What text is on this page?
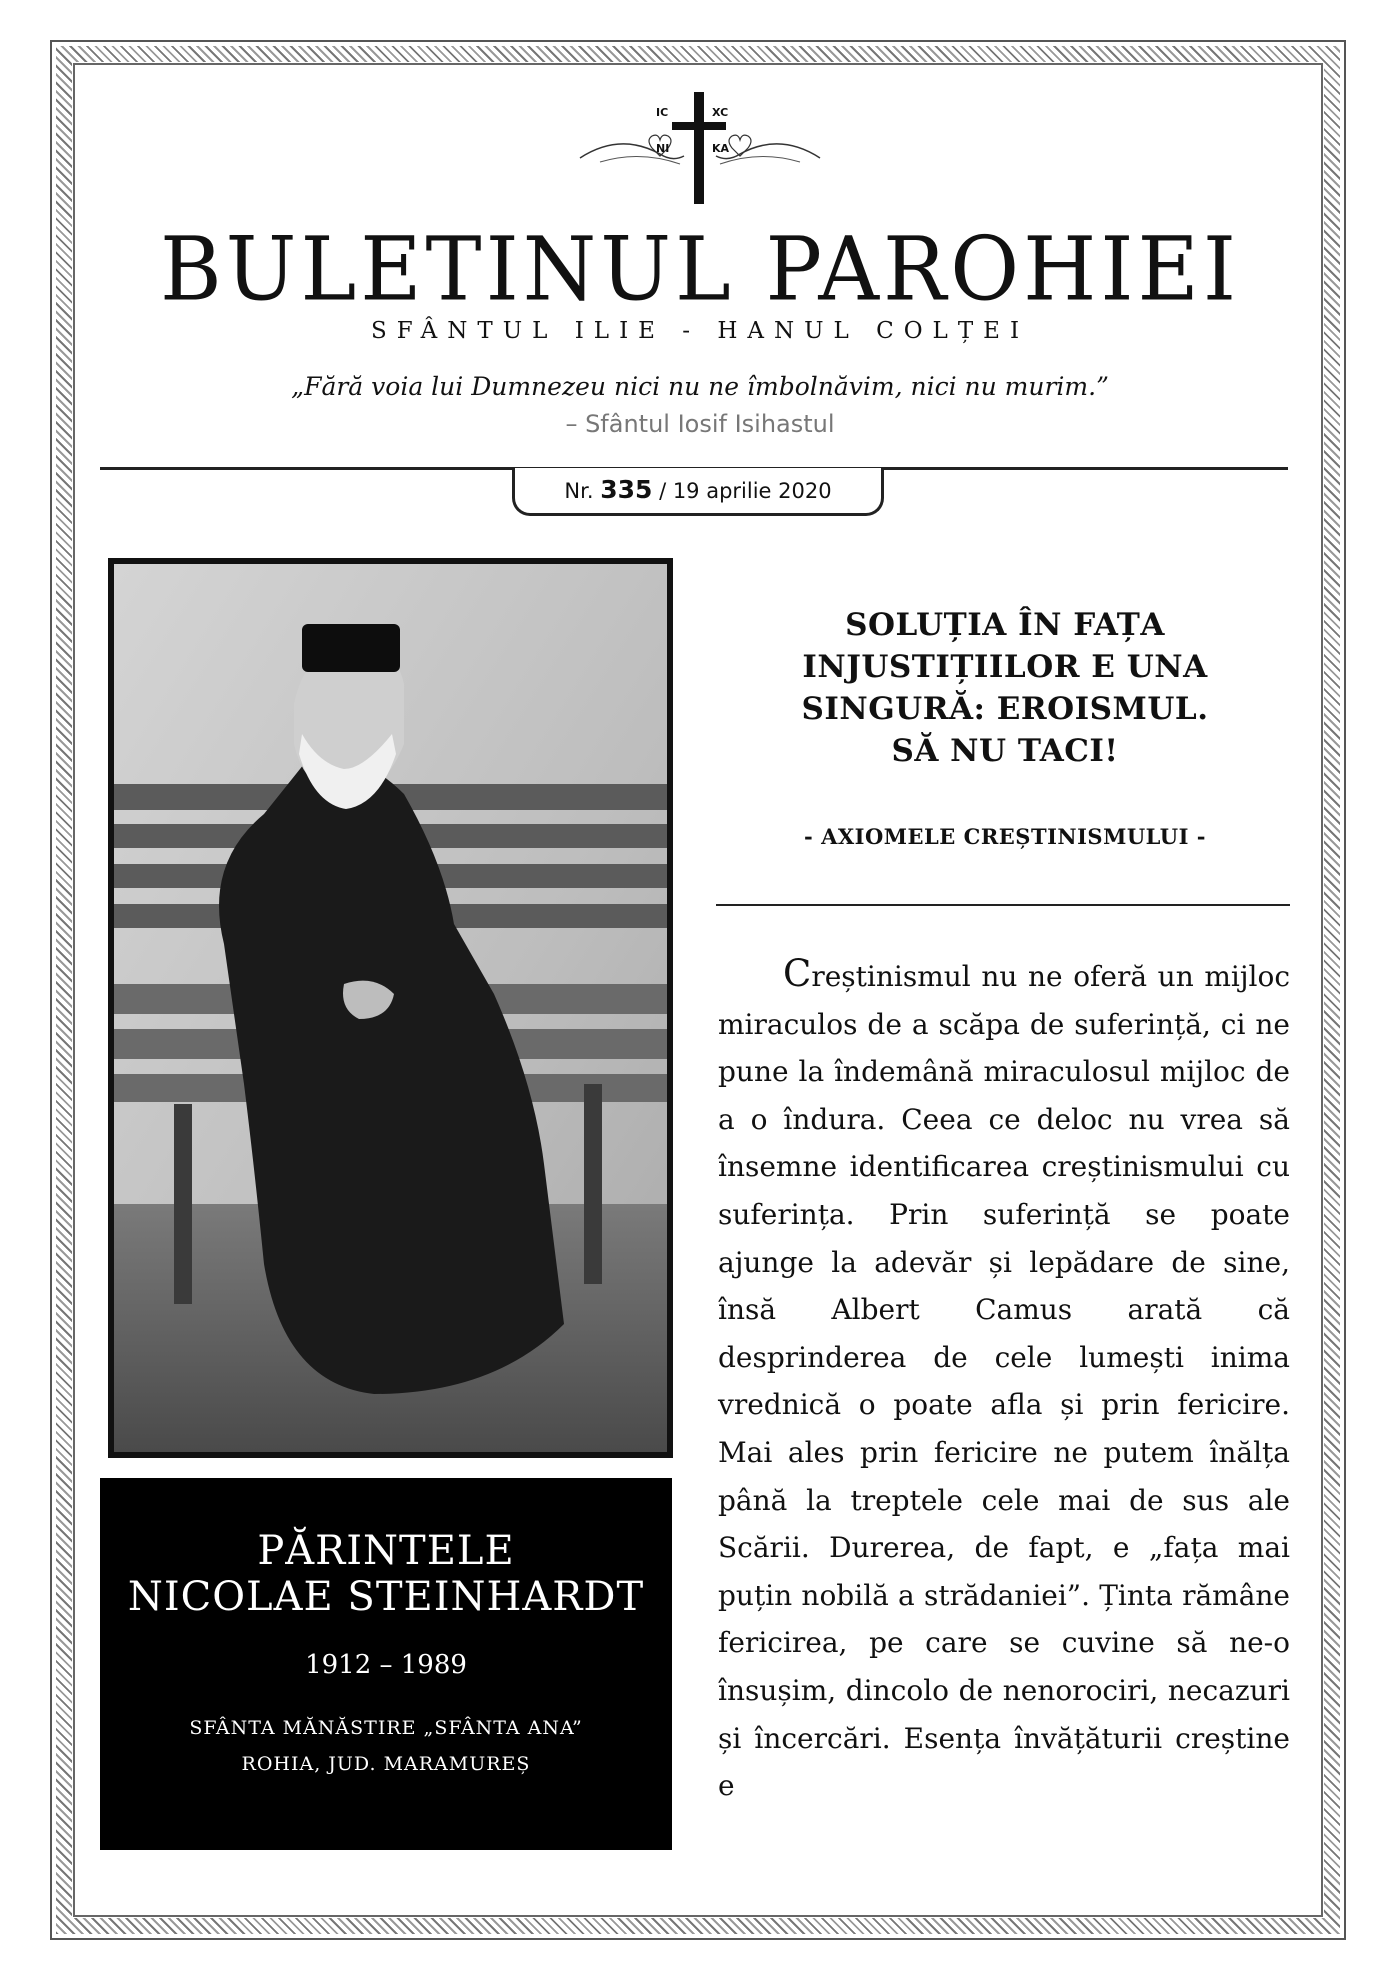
IC	XC
NI	KA
BULETINUL PAROHIEI
SFÂNTUL ILIE - HANUL COLȚEI
„Fără voia lui Dumnezeu nici nu ne îmbolnăvim, nici nu murim.”
– Sfântul Iosif Isihastul
Nr. 335 / 19 aprilie 2020
PĂRINTELE
NICOLAE STEINHARDT
1912 – 1989
SFÂNTA MĂNĂSTIRE „SFÂNTA ANA”
ROHIA, JUD. MARAMUREȘ
SOLUȚIA ÎN FAȚA
INJUSTIȚIILOR E UNA
SINGURĂ: EROISMUL.
SĂ NU TACI!
- AXIOMELE CREȘTINISMULUI -
Creștinismul nu ne oferă un mijloc miraculos de a scăpa de suferință, ci ne pune la îndemână miraculosul mijloc de a o îndura. Ceea ce deloc nu vrea să însemne identificarea creștinismului cu suferința. Prin suferință se poate ajunge la adevăr și lepădare de sine, însă Albert Camus arată că desprinderea de cele lumești inima vrednică o poate afla și prin fericire. Mai ales prin fericire ne putem înălța până la treptele cele mai de sus ale Scării. Durerea, de fapt, e „fața mai puțin nobilă a strădaniei”. Ținta rămâne fericirea, pe care se cuvine să ne-o însușim, dincolo de nenorociri, necazuri și încercări. Esența învățăturii creștine e
